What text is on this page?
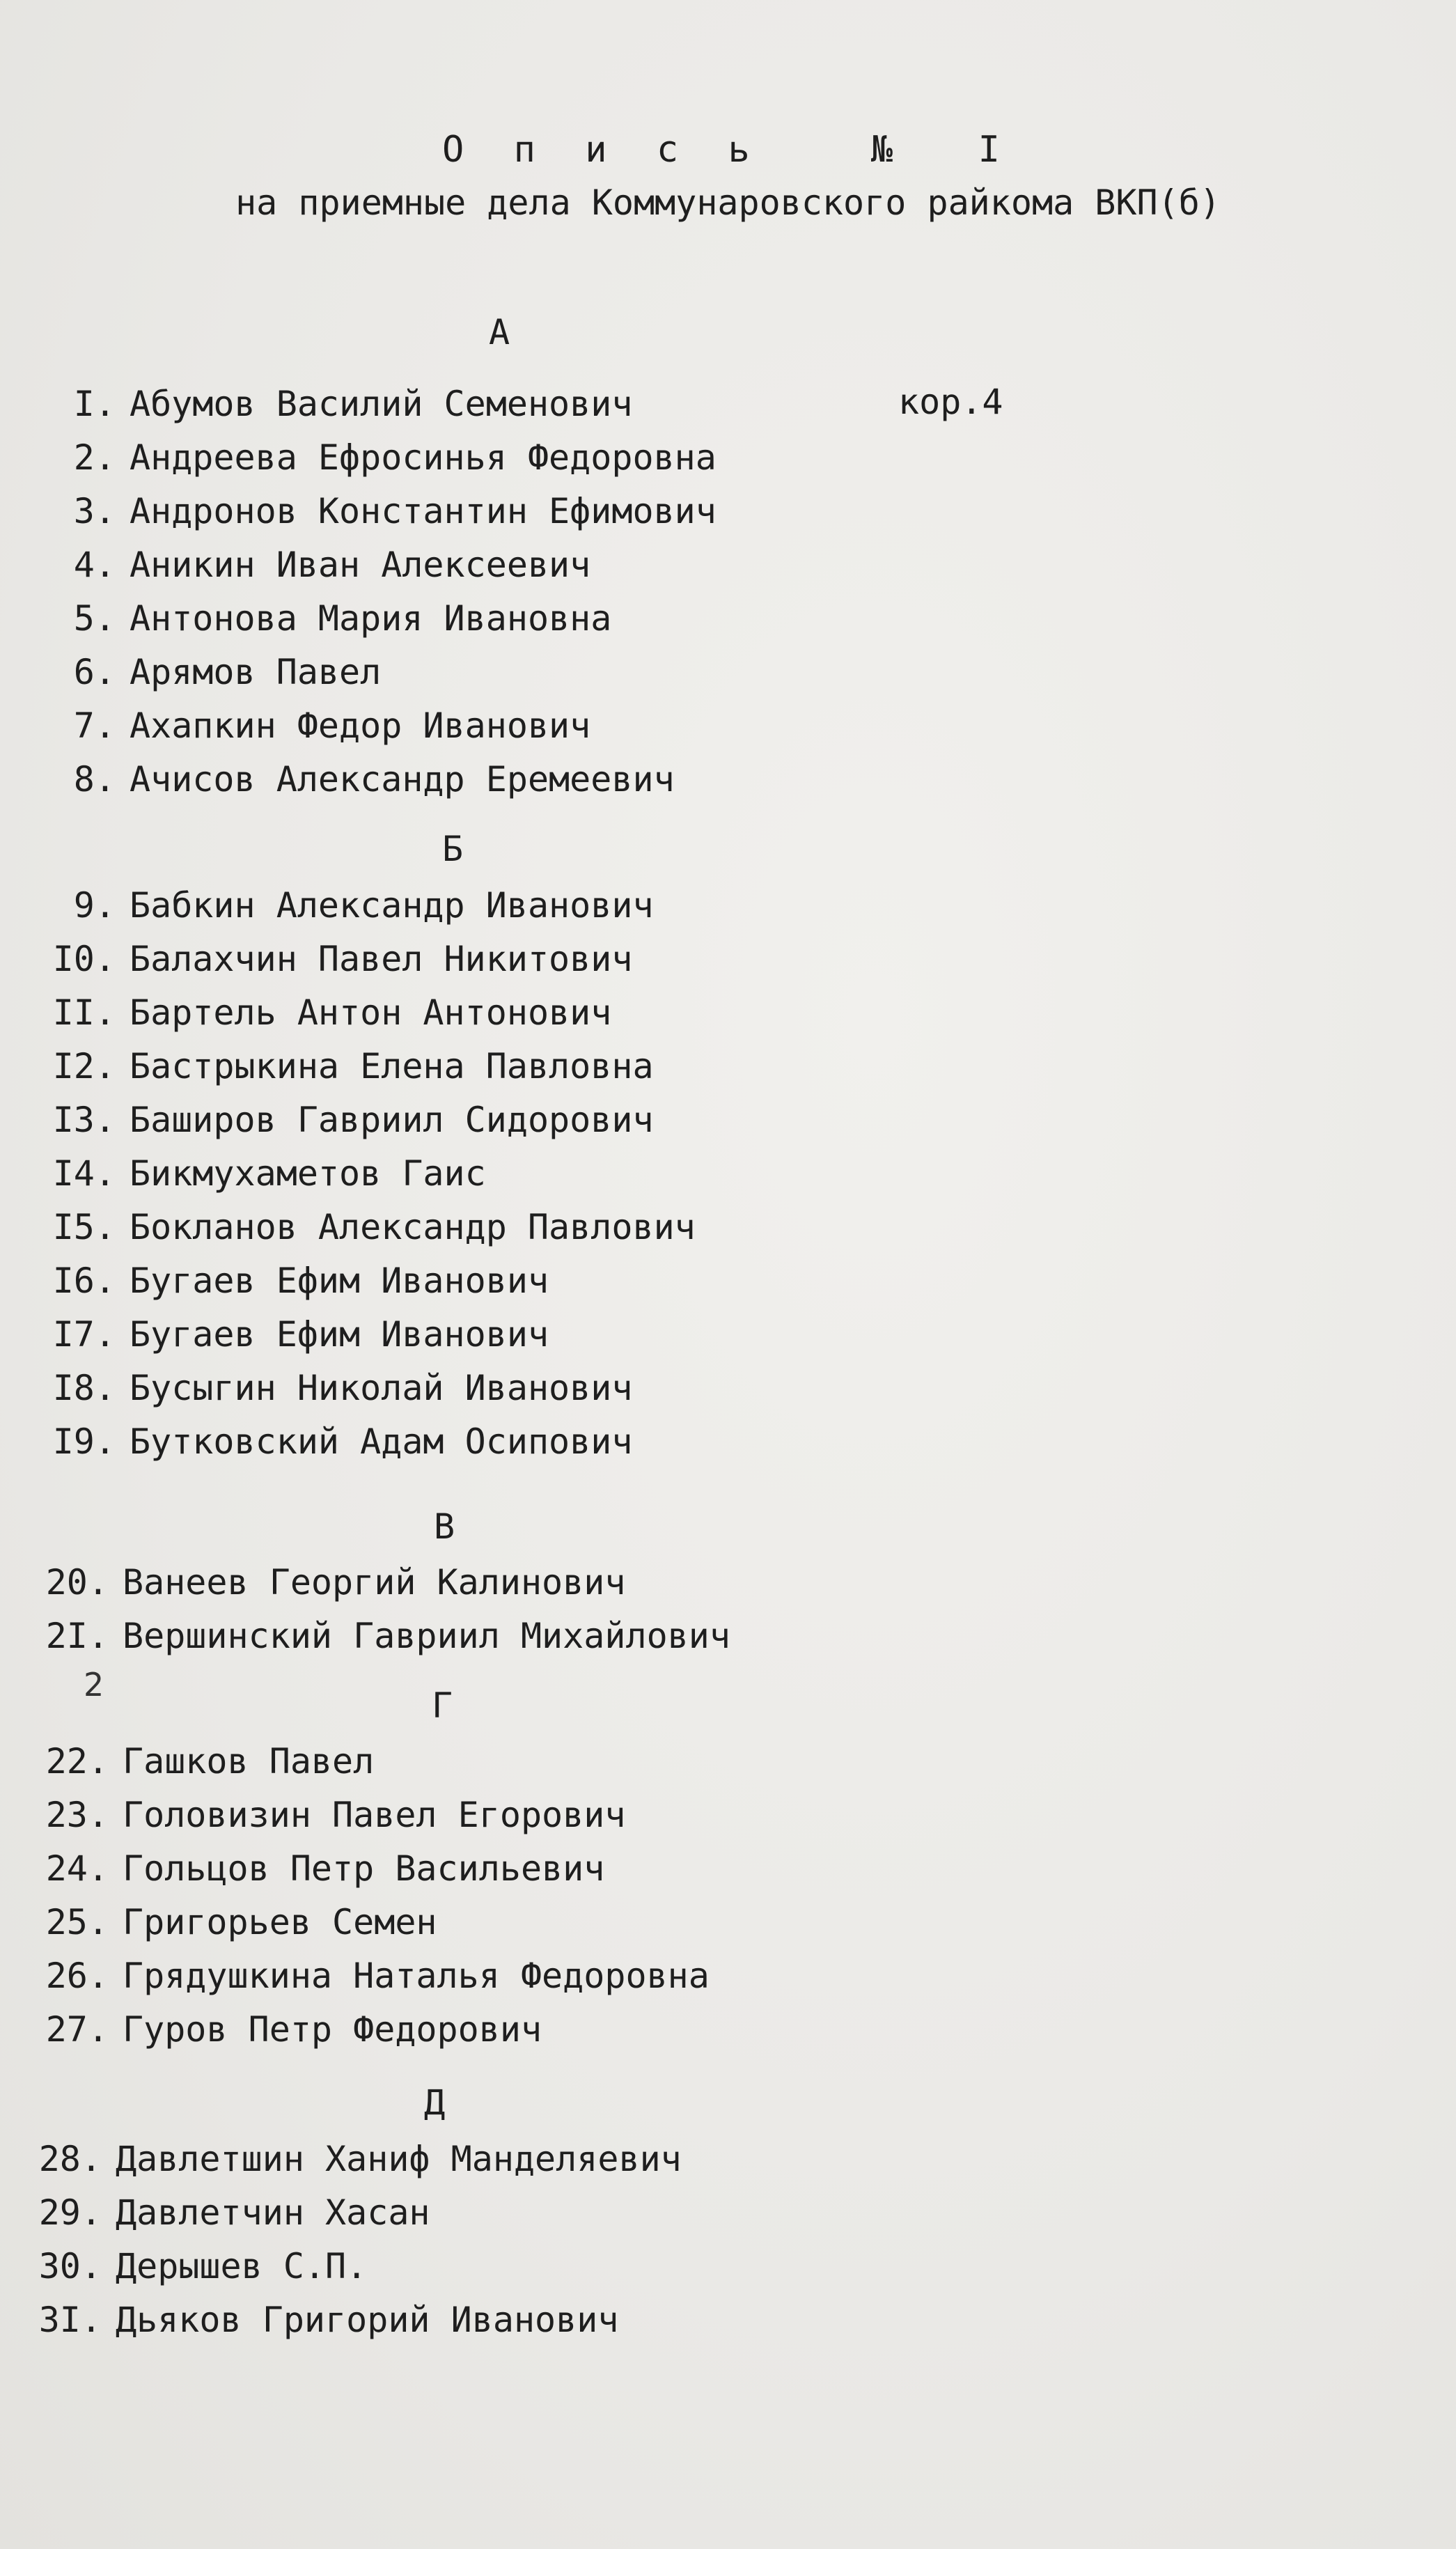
О п и с ь   №  I
на приемные дела Коммунаровского райкома ВКП(б)
кор.4
2
А
I. Абумов Василий Семенович
2. Андреева Ефросинья Федоровна
3. Андронов Константин Ефимович
4. Аникин Иван Алексеевич
5. Антонова Мария Ивановна
6. Арямов Павел
7. Ахапкин Федор Иванович
8. Ачисов Александр Еремеевич
Б
9. Бабкин Александр Иванович
I0. Балахчин Павел Никитович
II. Бартель Антон Антонович
I2. Бастрыкина Елена Павловна
I3. Баширов Гавриил Сидорович
I4. Бикмухаметов Гаис
I5. Бокланов Александр Павлович
I6. Бугаев Ефим Иванович
I7. Бугаев Ефим Иванович
I8. Бусыгин Николай Иванович
I9. Бутковский Адам Осипович
В
20. Ванеев Георгий Калинович
2I. Вершинский Гавриил Михайлович
Г
22. Гашков Павел
23. Головизин Павел Егорович
24. Гольцов Петр Васильевич
25. Григорьев Семен
26. Грядушкина Наталья Федоровна
27. Гуров Петр Федорович
Д
28. Давлетшин Ханиф Манделяевич
29. Давлетчин Хасан
30. Дерышев С.П.
3I. Дьяков Григорий Иванович
